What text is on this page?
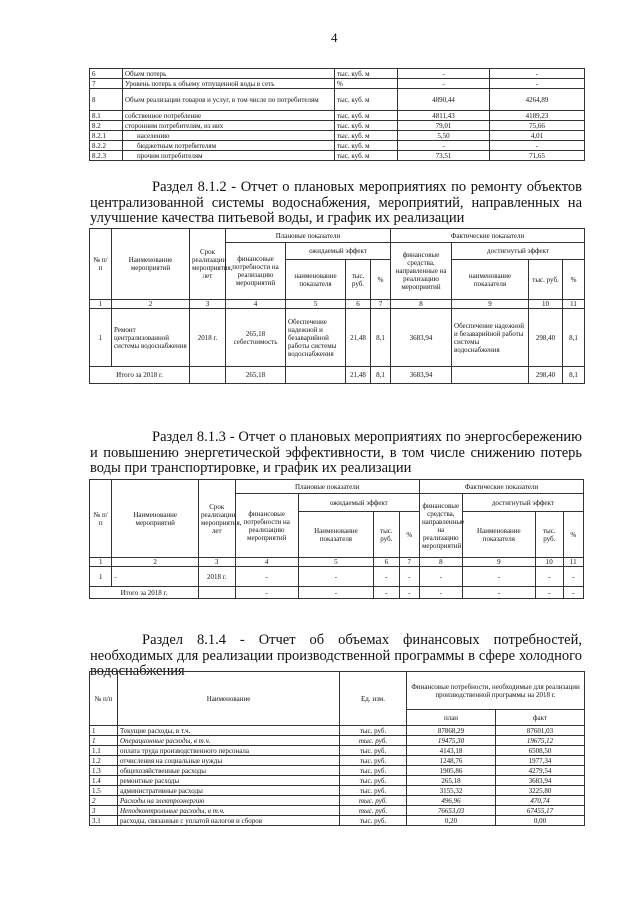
4
6	Объем потерь	тыс. куб. м	-	-
7	Уровень потерь к объему отпущенной воды в сеть	%	-	-
8	Объем реализации товаров и услуг, в том числе по потребителям	тыс. куб. м	4890,44	4264,89
8.1	собственное потребление	тыс. куб. м	4811,43	4189,23
8.2	сторонним потребителям, из них	тыс. куб. м	79,01	75,66
8.2.1	населению	тыс. куб. м	5,50	4,01
8.2.2	бюджетным потребителям	тыс. куб. м	-	-
8.2.3	прочим потребителям	тыс. куб. м	73,51	71,65
Раздел 8.1.2 - Отчет о плановых мероприятиях по ремонту объектов централизованной системы водоснабжения, мероприятий, направленных на улучшение качества питьевой воды, и график их реализации
№ п/п	Наименование мероприятий	Срок реализации мероприятия, лет	Плановые показатели				Фактические показатели			
			финансовые потребности на реализацию мероприятий	ожидаемый эффект			финансовые средства, направленные на реализацию мероприятий	достигнутый эффект		
				наименование показателя	тыс. руб.	%		наименование показателя	тыс. руб.	%
1	2	3	4	5	6	7	8	9	10	11
1	Ремонт централизованной системы водоснабжения	2018 г.	265,18 себестоимость	Обеспечение надежной и безаварийной работы системы водоснабжения	21,48	8,1	3683,94	Обеспечение надежной и безаварийной работы системы водоснабжения	298,40	8,1
Итого за 2018 г.			265,18		21,48	8,1	3683,94		298,40	8,1
Раздел 8.1.3 - Отчет о плановых мероприятиях по энергосбережению и повышению энергетической эффективности, в том числе снижению потерь воды при транспортировке, и график их реализации
№ п/п	Наименование мероприятий	Срок реализации мероприятия, лет	Плановые показатели				Фактические показатели			
			финансовые потребности на реализацию мероприятий	ожидаемый эффект			финансовые средства, направленные на реализацию мероприятий	достигнутый эффект		
				Наименование показателя	тыс. руб.	%		Наименование показателя	тыс. руб.	%
1	2	3	4	5	6	7	8	9	10	11
1	-	2018 г.	-	-	-	-	-	-	-	-
Итого за 2018 г.			-	-	-	-	-	-	-	-
Раздел 8.1.4 - Отчет об объемах финансовых потребностей, необходимых для реализации производственной программы в сфере холодного водоснабжения
№ п/п	Наименование	Ед. изм.	Финансовые потребности, необходимые для реализации производственной программы на 2018 г.	
			план	факт
1	Текущие расходы, в т.ч.	тыс. руб.	87868,29	87601,03
1	Операционные расходы, в т.ч.	тыс. руб.	19475,30	19675,12
1.1	оплата труда производственного персонала	тыс. руб.	4143,18	6508,50
1.2	отчисления на социальные нужды	тыс. руб.	1248,76	1977,34
1.3	общехозяйственные расходы	тыс. руб.	1905,86	4279,54
1.4	ремонтные расходы	тыс. руб.	265,18	3683,94
1.5	административные расходы	тыс. руб.	3155,32	3225,80
2	Расходы на электроэнергию	тыс. руб.	496,96	470,74
3	Неподконтрольные расходы, в т.ч.	тыс. руб.	76653,03	67455,17
3.1	расходы, связанные с уплатой налогов и сборов	тыс. руб.	0,20	0,00
